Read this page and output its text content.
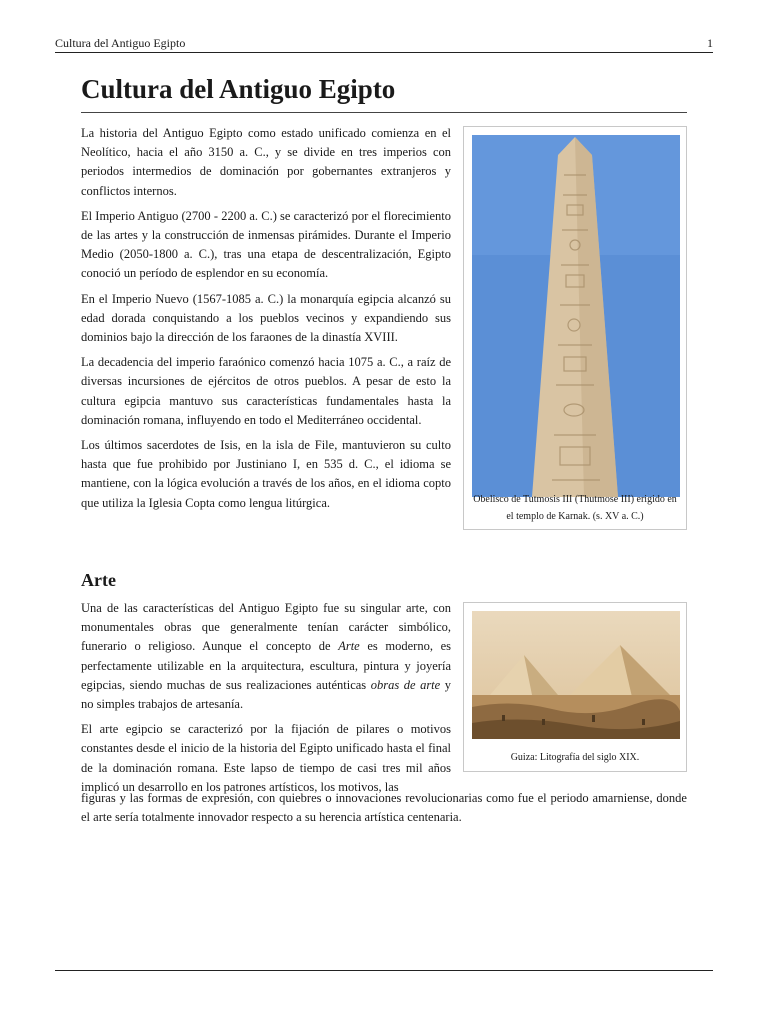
Cultura del Antiguo Egipto	1
Cultura del Antiguo Egipto

La historia del Antiguo Egipto como estado unificado comienza en el Neolítico, hacia el año 3150 a. C., y se divide en tres imperios con periodos intermedios de dominación por gobernantes extranjeros y conflictos internos.

El Imperio Antiguo (2700 - 2200 a. C.) se caracterizó por el florecimiento de las artes y la construcción de inmensas pirámides. Durante el Imperio Medio (2050-1800 a. C.), tras una etapa de descentralización, Egipto conoció un período de esplendor en su economía.

En el Imperio Nuevo (1567-1085 a. C.) la monarquía egipcia alcanzó su edad dorada conquistando a los pueblos vecinos y expandiendo sus dominios bajo la dirección de los faraones de la dinastía XVIII.

La decadencia del imperio faraónico comenzó hacia 1075 a. C., a raíz de diversas incursiones de ejércitos de otros pueblos. A pesar de esto la cultura egipcia mantuvo sus características fundamentales hasta la dominación romana, influyendo en todo el Mediterráneo occidental.

Los últimos sacerdotes de Isis, en la isla de File, mantuvieron su culto hasta que fue prohibido por Justiniano I, en 535 d. C., el idioma se mantiene, con la lógica evolución a través de los años, en el idioma copto que utiliza la Iglesia Copta como lengua litúrgica.	Obelisco de Tutmosis III (Thutmose III) erigido en el templo de Karnak. (s. XV a. C.)
Arte

Una de las características del Antiguo Egipto fue su singular arte, con monumentales obras que generalmente tenían carácter simbólico, funerario o religioso. Aunque el concepto de Arte es moderno, es perfectamente utilizable en la arquitectura, escultura, pintura y joyería egipcias, siendo muchas de sus realizaciones auténticas obras de arte y no simples trabajos de artesanía.

El arte egipcio se caracterizó por la fijación de pilares o motivos constantes desde el inicio de la historia del Egipto unificado hasta el final de la dominación romana. Este lapso de tiempo de casi tres mil años implicó un desarrollo en los patrones artísticos, los motivos, las

figuras y las formas de expresión, con quiebres o innovaciones revolucionarias como fue el periodo amarniense, donde el arte sería totalmente innovador respecto a su herencia artística centenaria.
Guiza: Litografía del siglo XIX.
